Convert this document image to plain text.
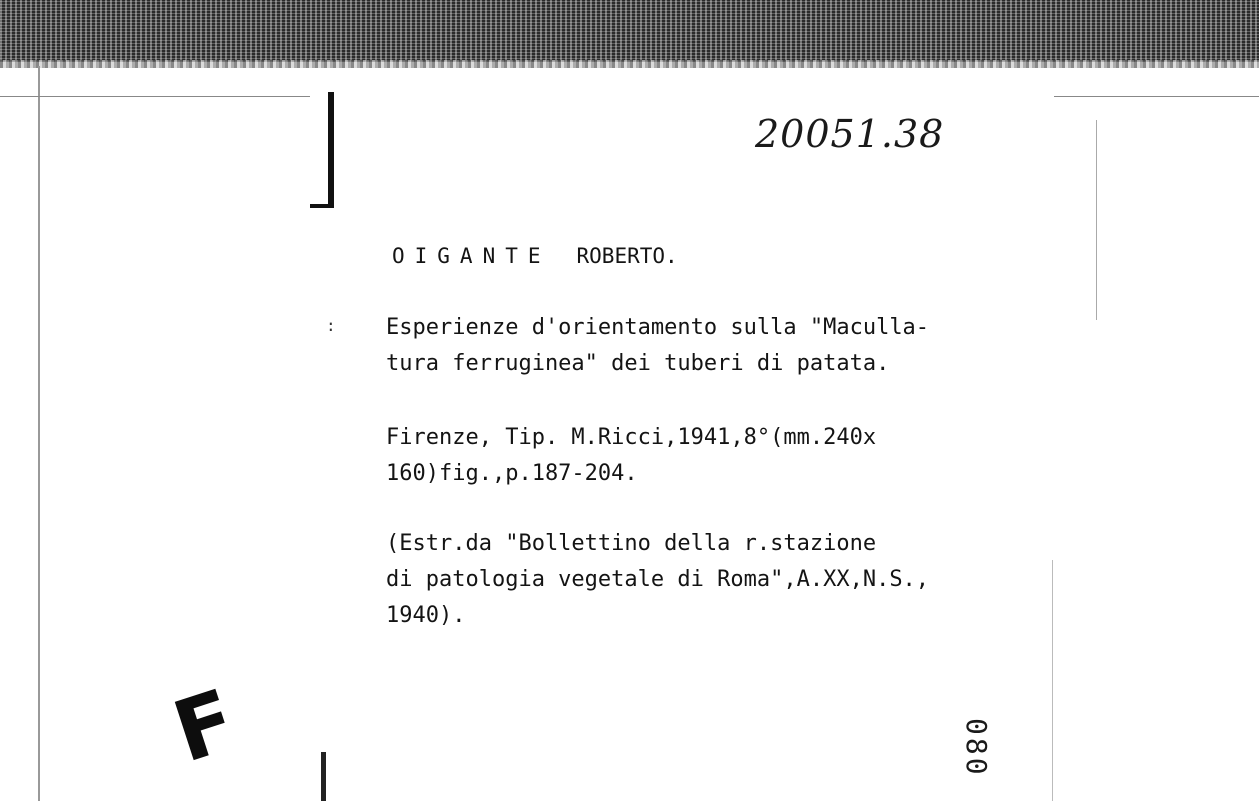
20051.38
OIGANTE ROBERTO.
: Esperienze d'orientamento sulla "Maculla-
tura ferruginea" dei tuberi di patata.
Firenze, Tip. M.Ricci,1941,8°(mm.240x
160)fig.,p.187-204.
(Estr.da "Bollettino della r.stazione
di patologia vegetale di Roma",A.XX,N.S.,
1940).
F	080
